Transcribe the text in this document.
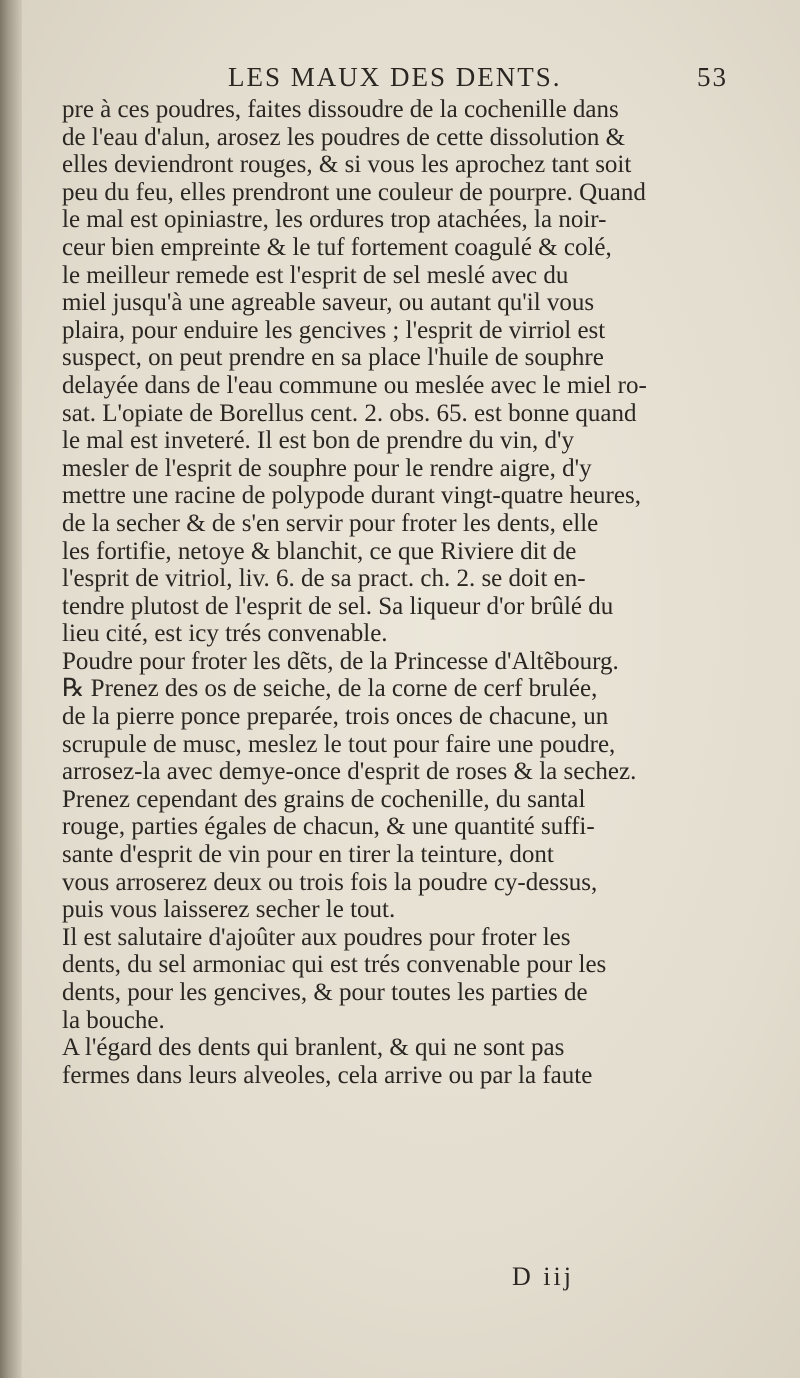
LES MAUX DES DENTS.	53
pre à ces poudres, faites dissoudre de la cochenille dans
de l'eau d'alun, arosez les poudres de cette dissolution &
elles deviendront rouges, & si vous les aprochez tant soit
peu du feu, elles prendront une couleur de pourpre. Quand
le mal est opiniastre, les ordures trop atachées, la noir-
ceur bien empreinte & le tuf fortement coagulé & colé,
le meilleur remede est l'esprit de sel meslé avec du
miel jusqu'à une agreable saveur, ou autant qu'il vous
plaira, pour enduire les gencives ; l'esprit de virriol est
suspect, on peut prendre en sa place l'huile de souphre
delayée dans de l'eau commune ou meslée avec le miel ro-
sat. L'opiate de Borellus cent. 2. obs. 65. est bonne quand
le mal est inveteré. Il est bon de prendre du vin, d'y
mesler de l'esprit de souphre pour le rendre aigre, d'y
mettre une racine de polypode durant vingt-quatre heures,
de la secher & de s'en servir pour froter les dents, elle
les fortifie, netoye & blanchit, ce que Riviere dit de
l'esprit de vitriol, liv. 6. de sa pract. ch. 2. se doit en-
tendre plutost de l'esprit de sel. Sa liqueur d'or brûlé du
lieu cité, est icy trés convenable.
Poudre pour froter les dẽts, de la Princesse d'Altẽbourg.
℞ Prenez des os de seiche, de la corne de cerf brulée,
de la pierre ponce preparée, trois onces de chacune, un
scrupule de musc, meslez le tout pour faire une poudre,
arrosez-la avec demye-once d'esprit de roses & la sechez.
Prenez cependant des grains de cochenille, du santal
rouge, parties égales de chacun, & une quantité suffi-
sante d'esprit de vin pour en tirer la teinture, dont
vous arroserez deux ou trois fois la poudre cy-dessus,
puis vous laisserez secher le tout.
Il est salutaire d'ajoûter aux poudres pour froter les
dents, du sel armoniac qui est trés convenable pour les
dents, pour les gencives, & pour toutes les parties de
la bouche.
A l'égard des dents qui branlent, & qui ne sont pas
fermes dans leurs alveoles, cela arrive ou par la faute
D iij
